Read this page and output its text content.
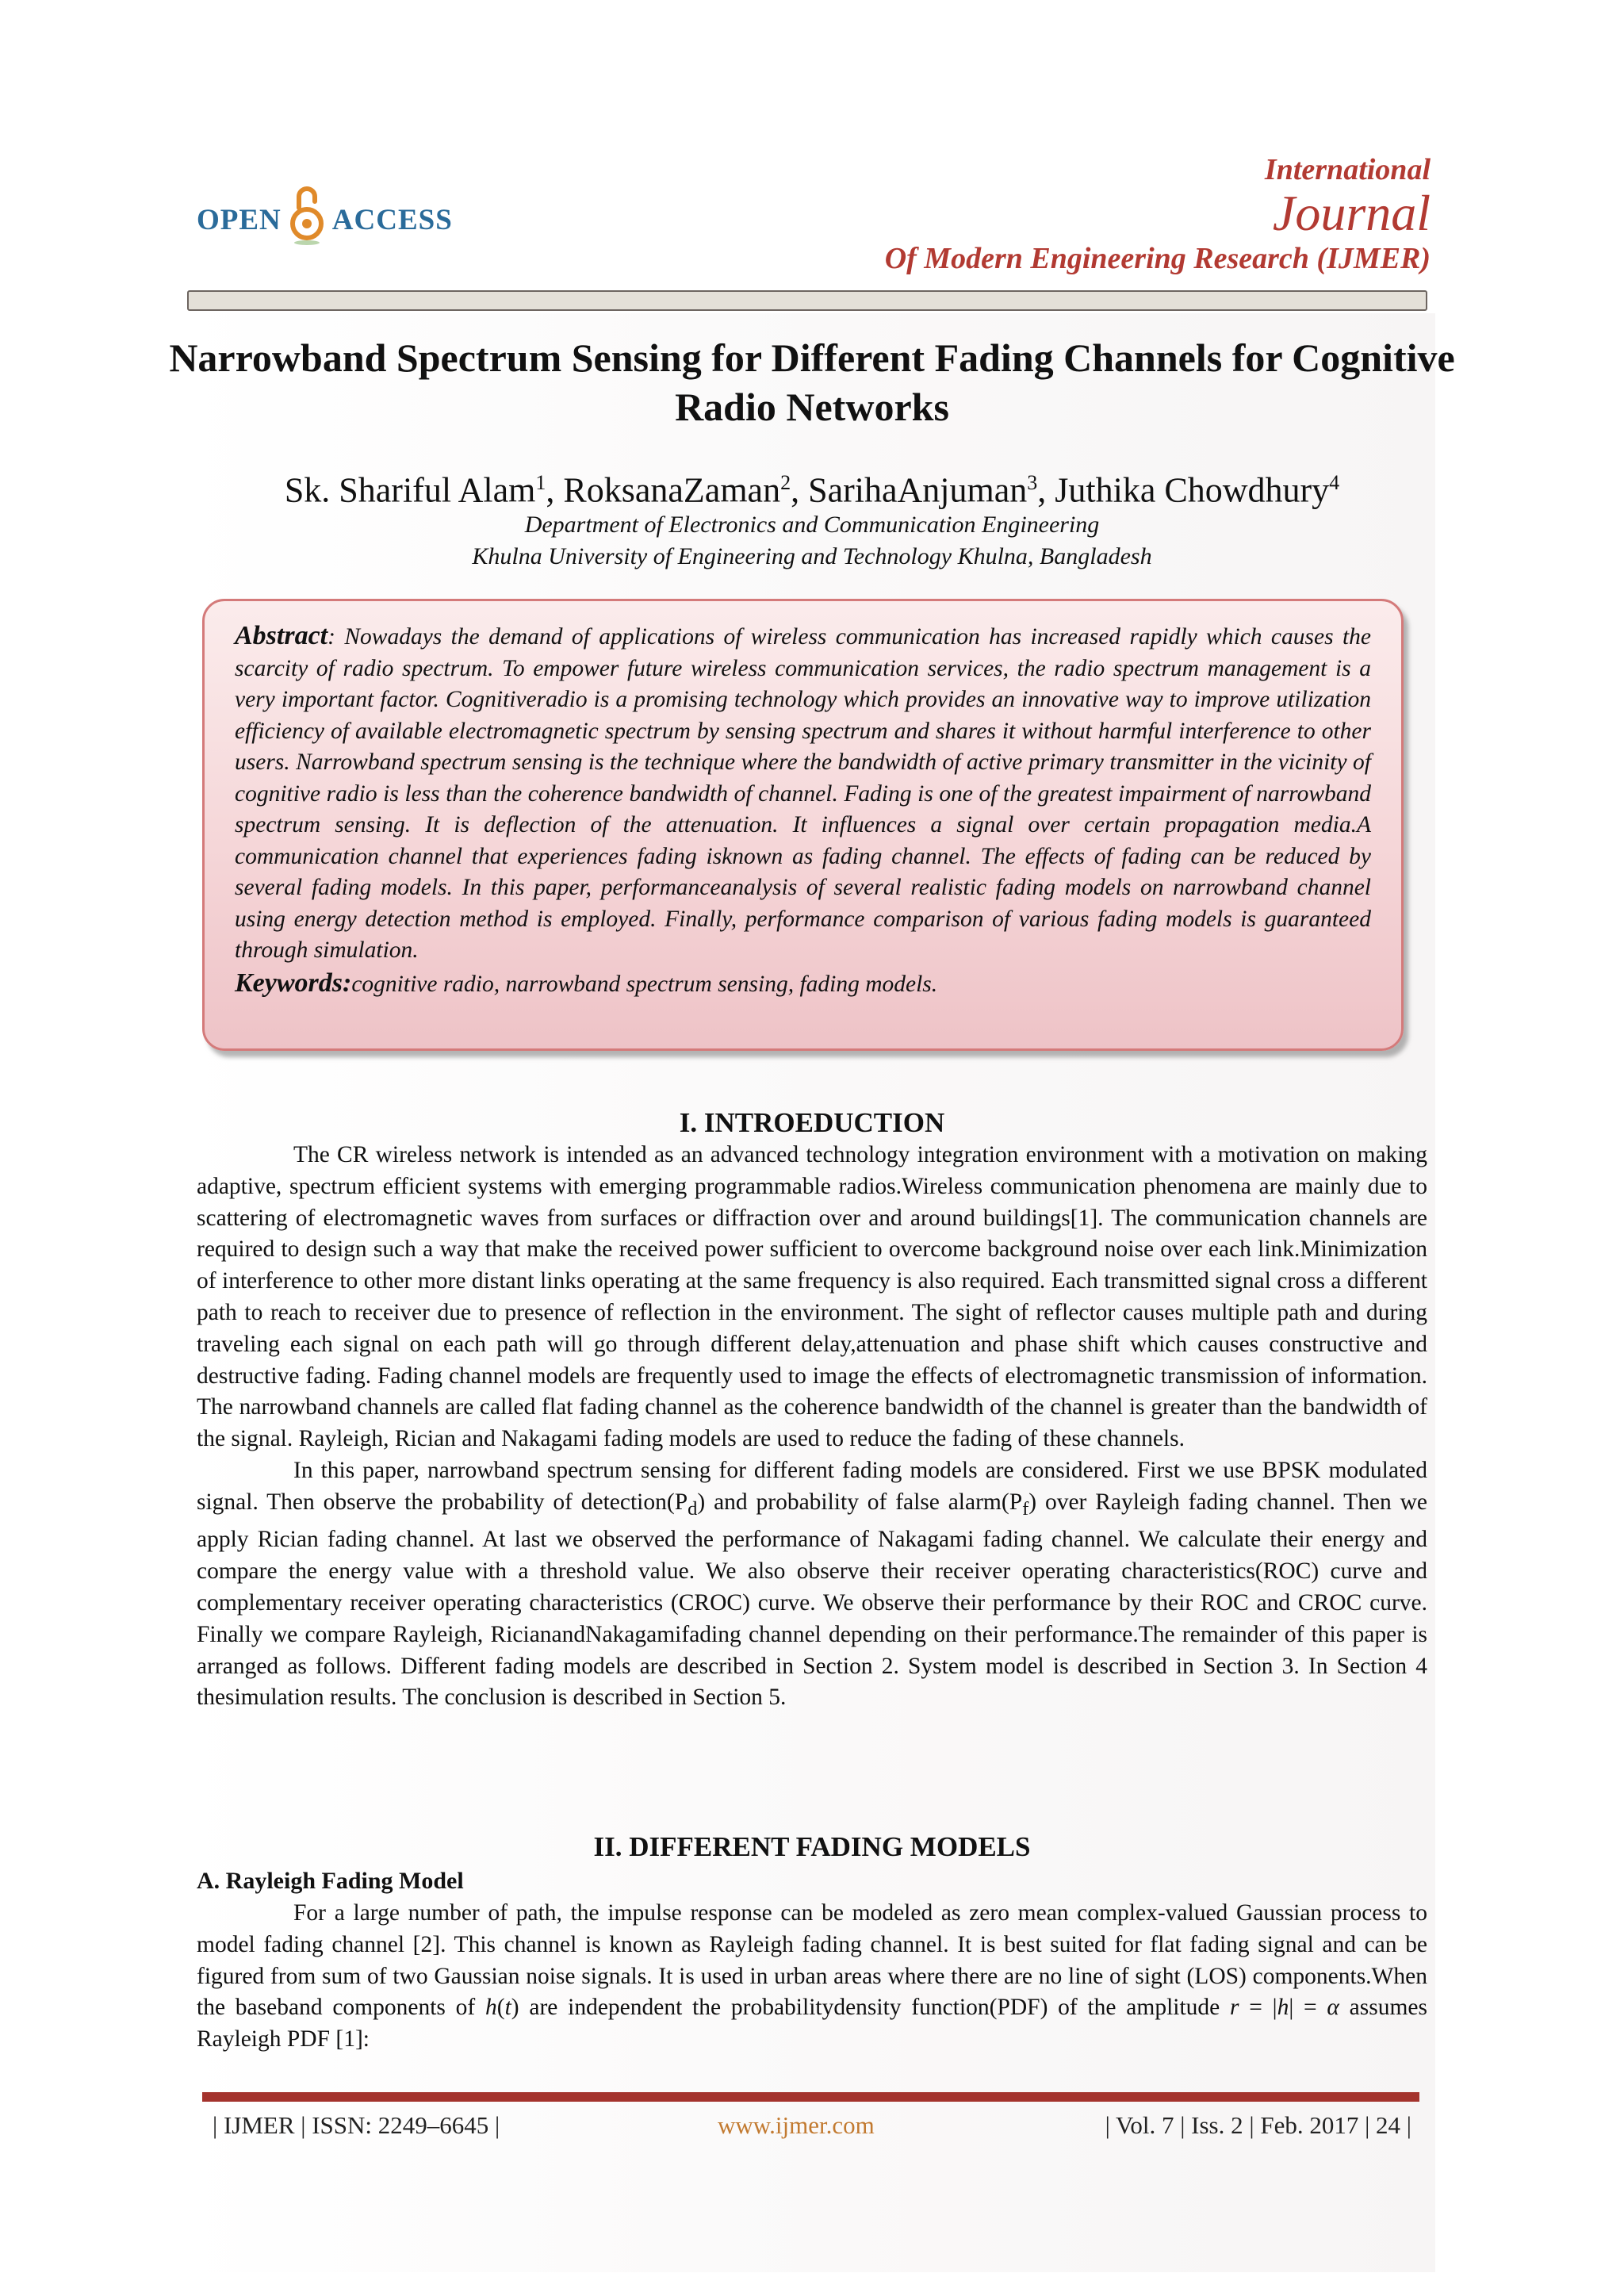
OPEN ACCESS
International
Journal
Of Modern Engineering Research (IJMER)
Narrowband Spectrum Sensing for Different Fading Channels for Cognitive Radio Networks
Sk. Shariful Alam$^1$, RoksanaZaman$^2$, SarihaAnjuman$^3$, Juthika Chowdhury$^4$
Department of Electronics and Communication Engineering
Khulna University of Engineering and Technology Khulna, Bangladesh
Abstract: Nowadays the demand of applications of wireless communication has increased rapidly which causes the scarcity of radio spectrum. To empower future wireless communication services, the radio spectrum management is a very important factor. Cognitiveradio is a promising technology which provides an innovative way to improve utilization efficiency of available electromagnetic spectrum by sensing spectrum and shares it without harmful interference to other users. Narrowband spectrum sensing is the technique where the bandwidth of active primary transmitter in the vicinity of cognitive radio is less than the coherence bandwidth of channel. Fading is one of the greatest impairment of narrowband spectrum sensing. It is deflection of the attenuation. It influences a signal over certain propagation media.A communication channel that experiences fading isknown as fading channel. The effects of fading can be reduced by several fading models. In this paper, performanceanalysis of several realistic fading models on narrowband channel using energy detection method is employed. Finally, performance comparison of various fading models is guaranteed through simulation.
Keywords:cognitive radio, narrowband spectrum sensing, fading models.
I. INTROEDUCTION

The CR wireless network is intended as an advanced technology integration environment with a motivation on making adaptive, spectrum efficient systems with emerging programmable radios.Wireless communication phenomena are mainly due to scattering of electromagnetic waves from surfaces or diffraction over and around buildings[1]. The communication channels are required to design such a way that make the received power sufficient to overcome background noise over each link.Minimization of interference to other more distant links operating at the same frequency is also required. Each transmitted signal cross a different path to reach to receiver due to presence of reflection in the environment. The sight of reflector causes multiple path and during traveling each signal on each path will go through different delay,attenuation and phase shift which causes constructive and destructive fading. Fading channel models are frequently used to image the effects of electromagnetic transmission of information. The narrowband channels are called flat fading channel as the coherence bandwidth of the channel is greater than the bandwidth of the signal. Rayleigh, Rician and Nakagami fading models are used to reduce the fading of these channels.

In this paper, narrowband spectrum sensing for different fading models are considered. First we use BPSK modulated signal. Then observe the probability of $detection(P_d)$ and probability of false $alarm(P_f)$ over Rayleigh fading channel. Then we apply Rician fading channel. At last we observed the performance of Nakagami fading channel. We calculate their energy and compare the energy value with a threshold value. We also observe their receiver operating characteristics(ROC) curve and complementary receiver operating characteristics (CROC) curve. We observe their performance by their ROC and CROC curve. Finally we compare Rayleigh, RicianandNakagamifading channel depending on their performance.The remainder of this paper is arranged as follows. Different fading models are described in Section 2. System model is described in Section 3. In Section 4 thesimulation results. The conclusion is described in Section 5.

II. DIFFERENT FADING MODELS
A. Rayleigh Fading Model

For a large number of path, the impulse response can be modeled as zero mean complex-valued Gaussian process to model fading channel [2]. This channel is known as Rayleigh fading channel. It is best suited for flat fading signal and can be figured from sum of two Gaussian noise signals. It is used in urban areas where there are no line of sight (LOS) components.When the baseband components of h(t) are independent the probabilitydensity function(PDF) of the amplitude r = |h| = α assumes Rayleigh PDF [1]:

| IJMER | ISSN: 2249–6645 |	www.ijmer.com	| Vol. 7 | Iss. 2 | Feb. 2017 | 24 |
